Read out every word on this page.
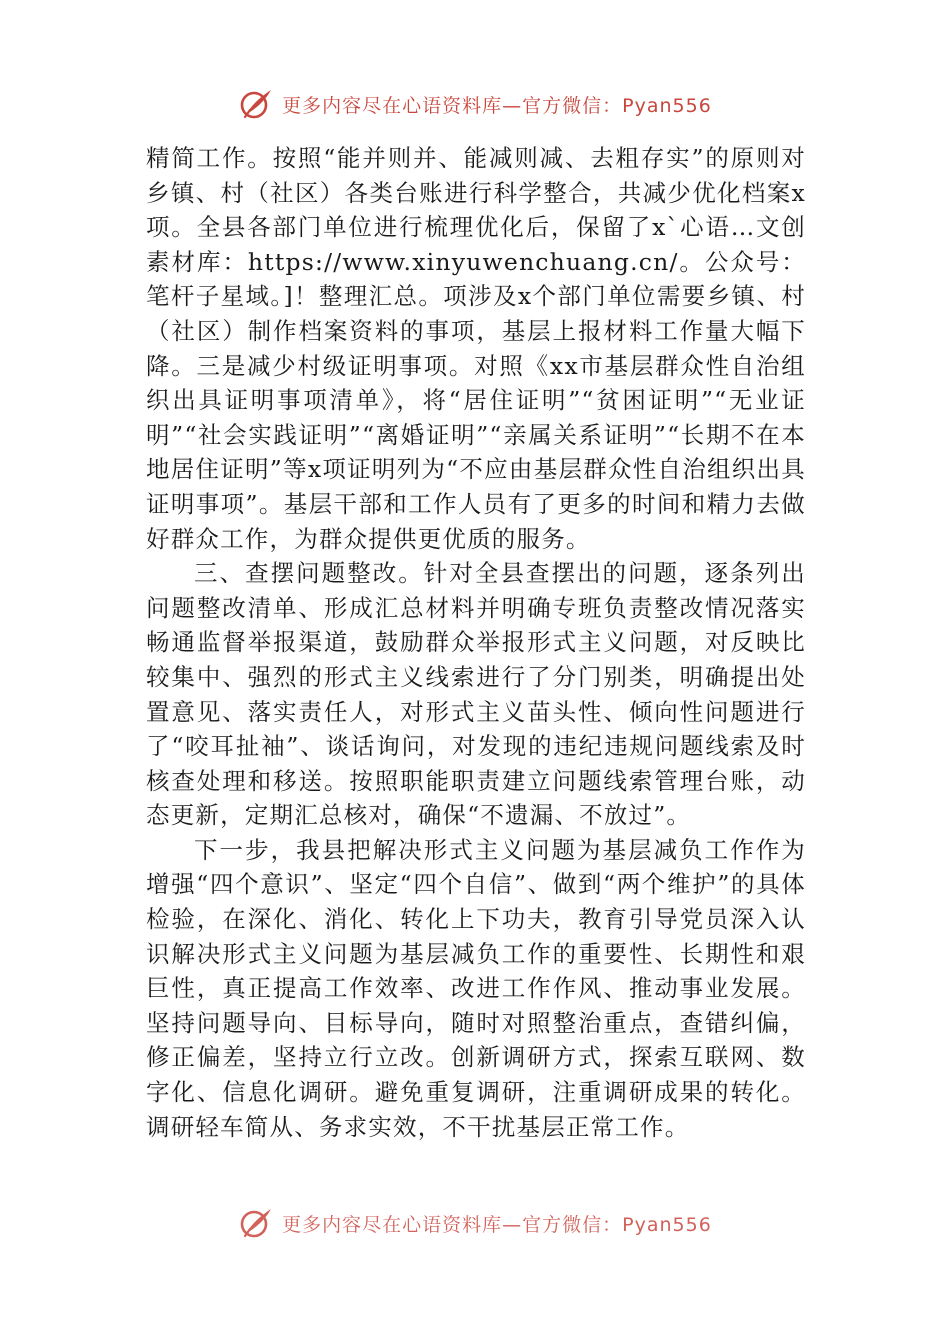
更多内容尽在心语资料库—官方微信：Pyan556

精简工作。按照“能并则并、能减则减、去粗存实”的原则对乡镇、村（社区）各类台账进行科学整合，共减少优化档案x项。全县各部门单位进行梳理优化后，保留了x`心语…文创素材库：https://www.xinyuwenchuang.cn/。公众号：笔杆子星域。]！整理汇总。项涉及x个部门单位需要乡镇、村（社区）制作档案资料的事项，基层上报材料工作量大幅下降。三是减少村级证明事项。对照《xx市基层群众性自治组织出具证明事项清单》，将“居住证明”“贫困证明”“无业证明”“社会实践证明”“离婚证明”“亲属关系证明”“长期不在本地居住证明”等x项证明列为“不应由基层群众性自治组织出具证明事项”。基层干部和工作人员有了更多的时间和精力去做好群众工作，为群众提供更优质的服务。

三、查摆问题整改。针对全县查摆出的问题，逐条列出问题整改清单、形成汇总材料并明确专班负责整改情况落实畅通监督举报渠道，鼓励群众举报形式主义问题，对反映比较集中、强烈的形式主义线索进行了分门别类，明确提出处置意见、落实责任人，对形式主义苗头性、倾向性问题进行了“咬耳扯袖”、谈话询问，对发现的违纪违规问题线索及时核查处理和移送。按照职能职责建立问题线索管理台账，动态更新，定期汇总核对，确保“不遗漏、不放过”。

下一步，我县把解决形式主义问题为基层减负工作作为增强“四个意识”、坚定“四个自信”、做到“两个维护”的具体检验，在深化、消化、转化上下功夫，教育引导党员深入认识解决形式主义问题为基层减负工作的重要性、长期性和艰巨性，真正提高工作效率、改进工作作风、推动事业发展。坚持问题导向、目标导向，随时对照整治重点，查错纠偏，修正偏差，坚持立行立改。创新调研方式，探索互联网、数字化、信息化调研。避免重复调研，注重调研成果的转化。调研轻车简从、务求实效，不干扰基层正常工作。

更多内容尽在心语资料库—官方微信：Pyan556
